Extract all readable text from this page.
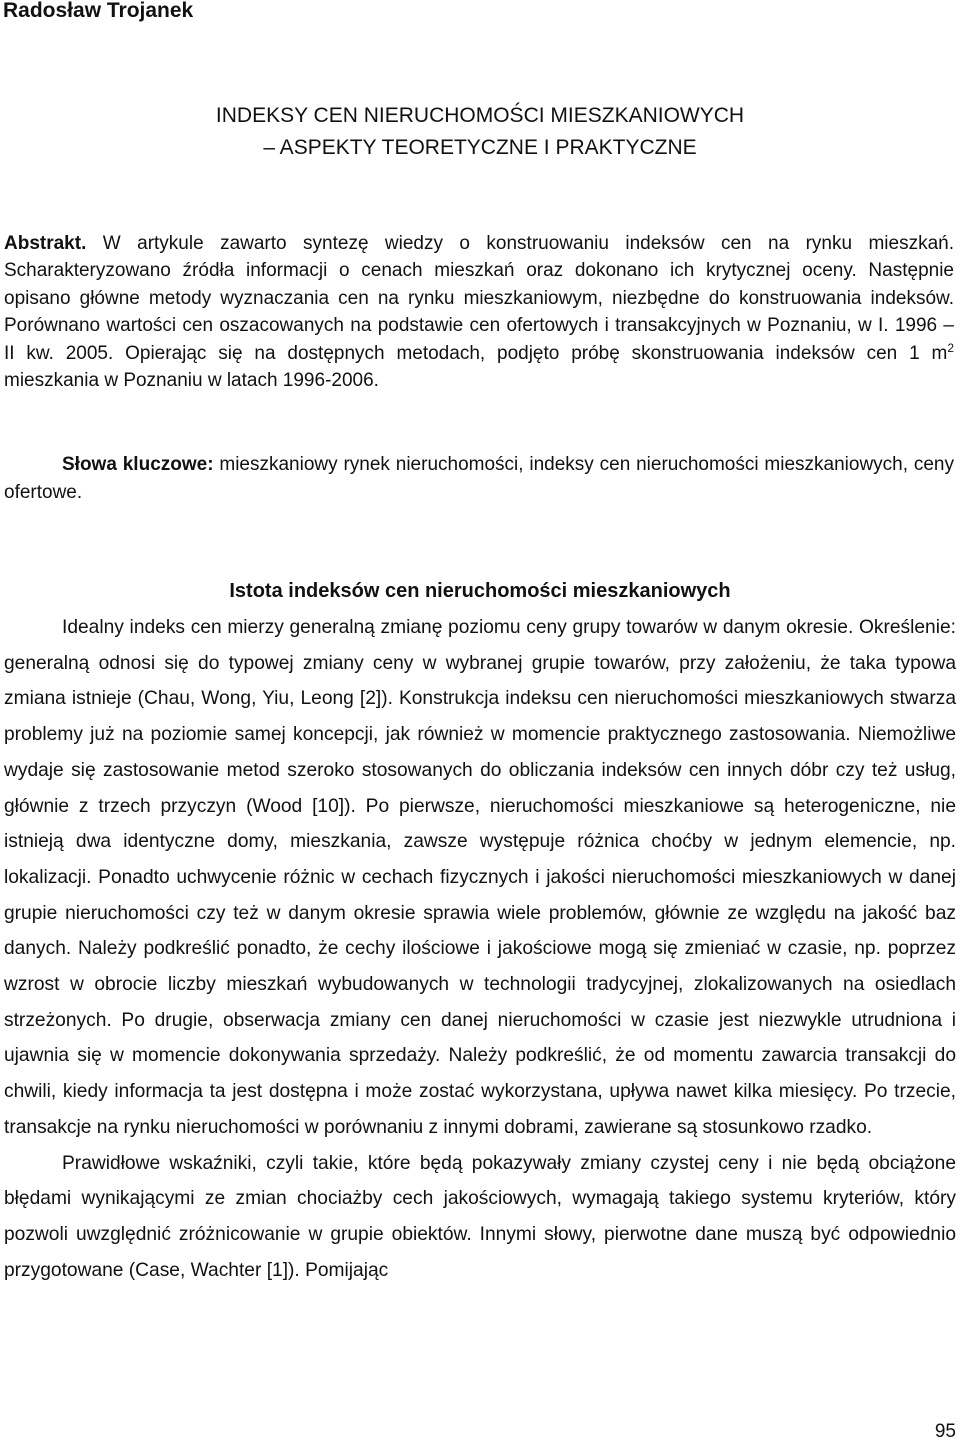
Radosław Trojanek
INDEKSY CEN NIERUCHOMOŚCI MIESZKANIOWYCH
– ASPEKTY TEORETYCZNE I PRAKTYCZNE

Abstrakt. W artykule zawarto syntezę wiedzy o konstruowaniu indeksów cen na rynku mieszkań. Scharakteryzowano źródła informacji o cenach mieszkań oraz dokonano ich krytycznej oceny. Następnie opisano główne metody wyznaczania cen na rynku mieszkaniowym, niezbędne do konstruowania indeksów. Porównano wartości cen oszacowanych na podstawie cen ofertowych i transakcyjnych w Poznaniu, w I. 1996 – II kw. 2005. Opierając się na dostępnych metodach, podjęto próbę skonstruowania indeksów cen 1 $m^2$ mieszkania w Poznaniu w latach 1996-2006.

Słowa kluczowe: mieszkaniowy rynek nieruchomości, indeksy cen nieruchomości mieszkaniowych, ceny ofertowe.

Istota indeksów cen nieruchomości mieszkaniowych

Idealny indeks cen mierzy generalną zmianę poziomu ceny grupy towarów w danym okresie. Określenie: generalną odnosi się do typowej zmiany ceny w wybranej grupie towarów, przy założeniu, że taka typowa zmiana istnieje (Chau, Wong, Yiu, Leong [2]). Konstrukcja indeksu cen nieruchomości mieszkaniowych stwarza problemy już na poziomie samej koncepcji, jak również w momencie praktycznego zastosowania. Niemożliwe wydaje się zastosowanie metod szeroko stosowanych do obliczania indeksów cen innych dóbr czy też usług, głównie z trzech przyczyn (Wood [10]). Po pierwsze, nieruchomości mieszkaniowe są heterogeniczne, nie istnieją dwa identyczne domy, mieszkania, zawsze występuje różnica choćby w jednym elemencie, np. lokalizacji. Ponadto uchwycenie różnic w cechach fizycznych i jakości nieruchomości mieszkaniowych w danej grupie nieruchomości czy też w danym okresie sprawia wiele problemów, głównie ze względu na jakość baz danych. Należy podkreślić ponadto, że cechy ilościowe i jakościowe mogą się zmieniać w czasie, np. poprzez wzrost w obrocie liczby mieszkań wybudowanych w technologii tradycyjnej, zlokalizowanych na osiedlach strzeżonych. Po drugie, obserwacja zmiany cen danej nieruchomości w czasie jest niezwykle utrudniona i ujawnia się w momencie dokonywania sprzedaży. Należy podkreślić, że od momentu zawarcia transakcji do chwili, kiedy informacja ta jest dostępna i może zostać wykorzystana, upływa nawet kilka miesięcy. Po trzecie, transakcje na rynku nieruchomości w porównaniu z innymi dobrami, zawierane są stosunkowo rzadko.

Prawidłowe wskaźniki, czyli takie, które będą pokazywały zmiany czystej ceny i nie będą obciążone błędami wynikającymi ze zmian chociażby cech jakościowych, wymagają takiego systemu kryteriów, który pozwoli uwzględnić zróżnicowanie w grupie obiektów. Innymi słowy, pierwotne dane muszą być odpowiednio przygotowane (Case, Wachter [1]). Pomijając

95
